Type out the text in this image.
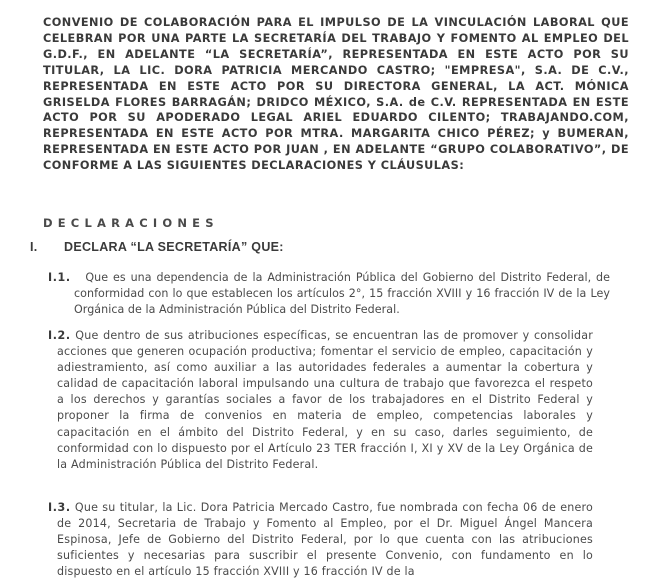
CONVENIO DE COLABORACIÓN PARA EL IMPULSO DE LA VINCULACIÓN LABORAL QUE CELEBRAN POR UNA PARTE LA SECRETARÍA DEL TRABAJO Y FOMENTO AL EMPLEO DEL G.D.F., EN ADELANTE “LA SECRETARÍA”, REPRESENTADA EN ESTE ACTO POR SU TITULAR, LA LIC. DORA PATRICIA MERCANDO CASTRO; "EMPRESA", S.A. DE C.V., REPRESENTADA EN ESTE ACTO POR SU DIRECTORA GENERAL, LA ACT. MÓNICA GRISELDA FLORES BARRAGÁN; DRIDCO MÉXICO, S.A. de C.V. REPRESENTADA EN ESTE ACTO POR SU APODERADO LEGAL ARIEL EDUARDO CILENTO; TRABAJANDO.COM, REPRESENTADA EN ESTE ACTO POR MTRA. MARGARITA CHICO PÉREZ; y BUMERAN, REPRESENTADA EN ESTE ACTO POR JUAN , EN ADELANTE “GRUPO COLABORATIVO”, DE CONFORME A LAS SIGUIENTES DECLARACIONES Y CLÁUSULAS:

DECLARACIONES

I. DECLARA “LA SECRETARÍA” QUE:

I.1. Que es una dependencia de la Administración Pública del Gobierno del Distrito Federal, de conformidad con lo que establecen los artículos 2°, 15 fracción XVIII y 16 fracción IV de la Ley Orgánica de la Administración Pública del Distrito Federal.

I.2. Que dentro de sus atribuciones específicas, se encuentran las de promover y consolidar acciones que generen ocupación productiva; fomentar el servicio de empleo, capacitación y adiestramiento, así como auxiliar a las autoridades federales a aumentar la cobertura y calidad de capacitación laboral impulsando una cultura de trabajo que favorezca el respeto a los derechos y garantías sociales a favor de los trabajadores en el Distrito Federal y proponer la firma de convenios en materia de empleo, competencias laborales y capacitación en el ámbito del Distrito Federal, y en su caso, darles seguimiento, de conformidad con lo dispuesto por el Artículo 23 TER fracción I, XI y XV de la Ley Orgánica de la Administración Pública del Distrito Federal.

I.3. Que su titular, la Lic. Dora Patricia Mercado Castro, fue nombrada con fecha 06 de enero de 2014, Secretaria de Trabajo y Fomento al Empleo, por el Dr. Miguel Ángel Mancera Espinosa, Jefe de Gobierno del Distrito Federal, por lo que cuenta con las atribuciones suficientes y necesarias para suscribir el presente Convenio, con fundamento en lo dispuesto en el artículo 15 fracción XVIII y 16 fracción IV de la
